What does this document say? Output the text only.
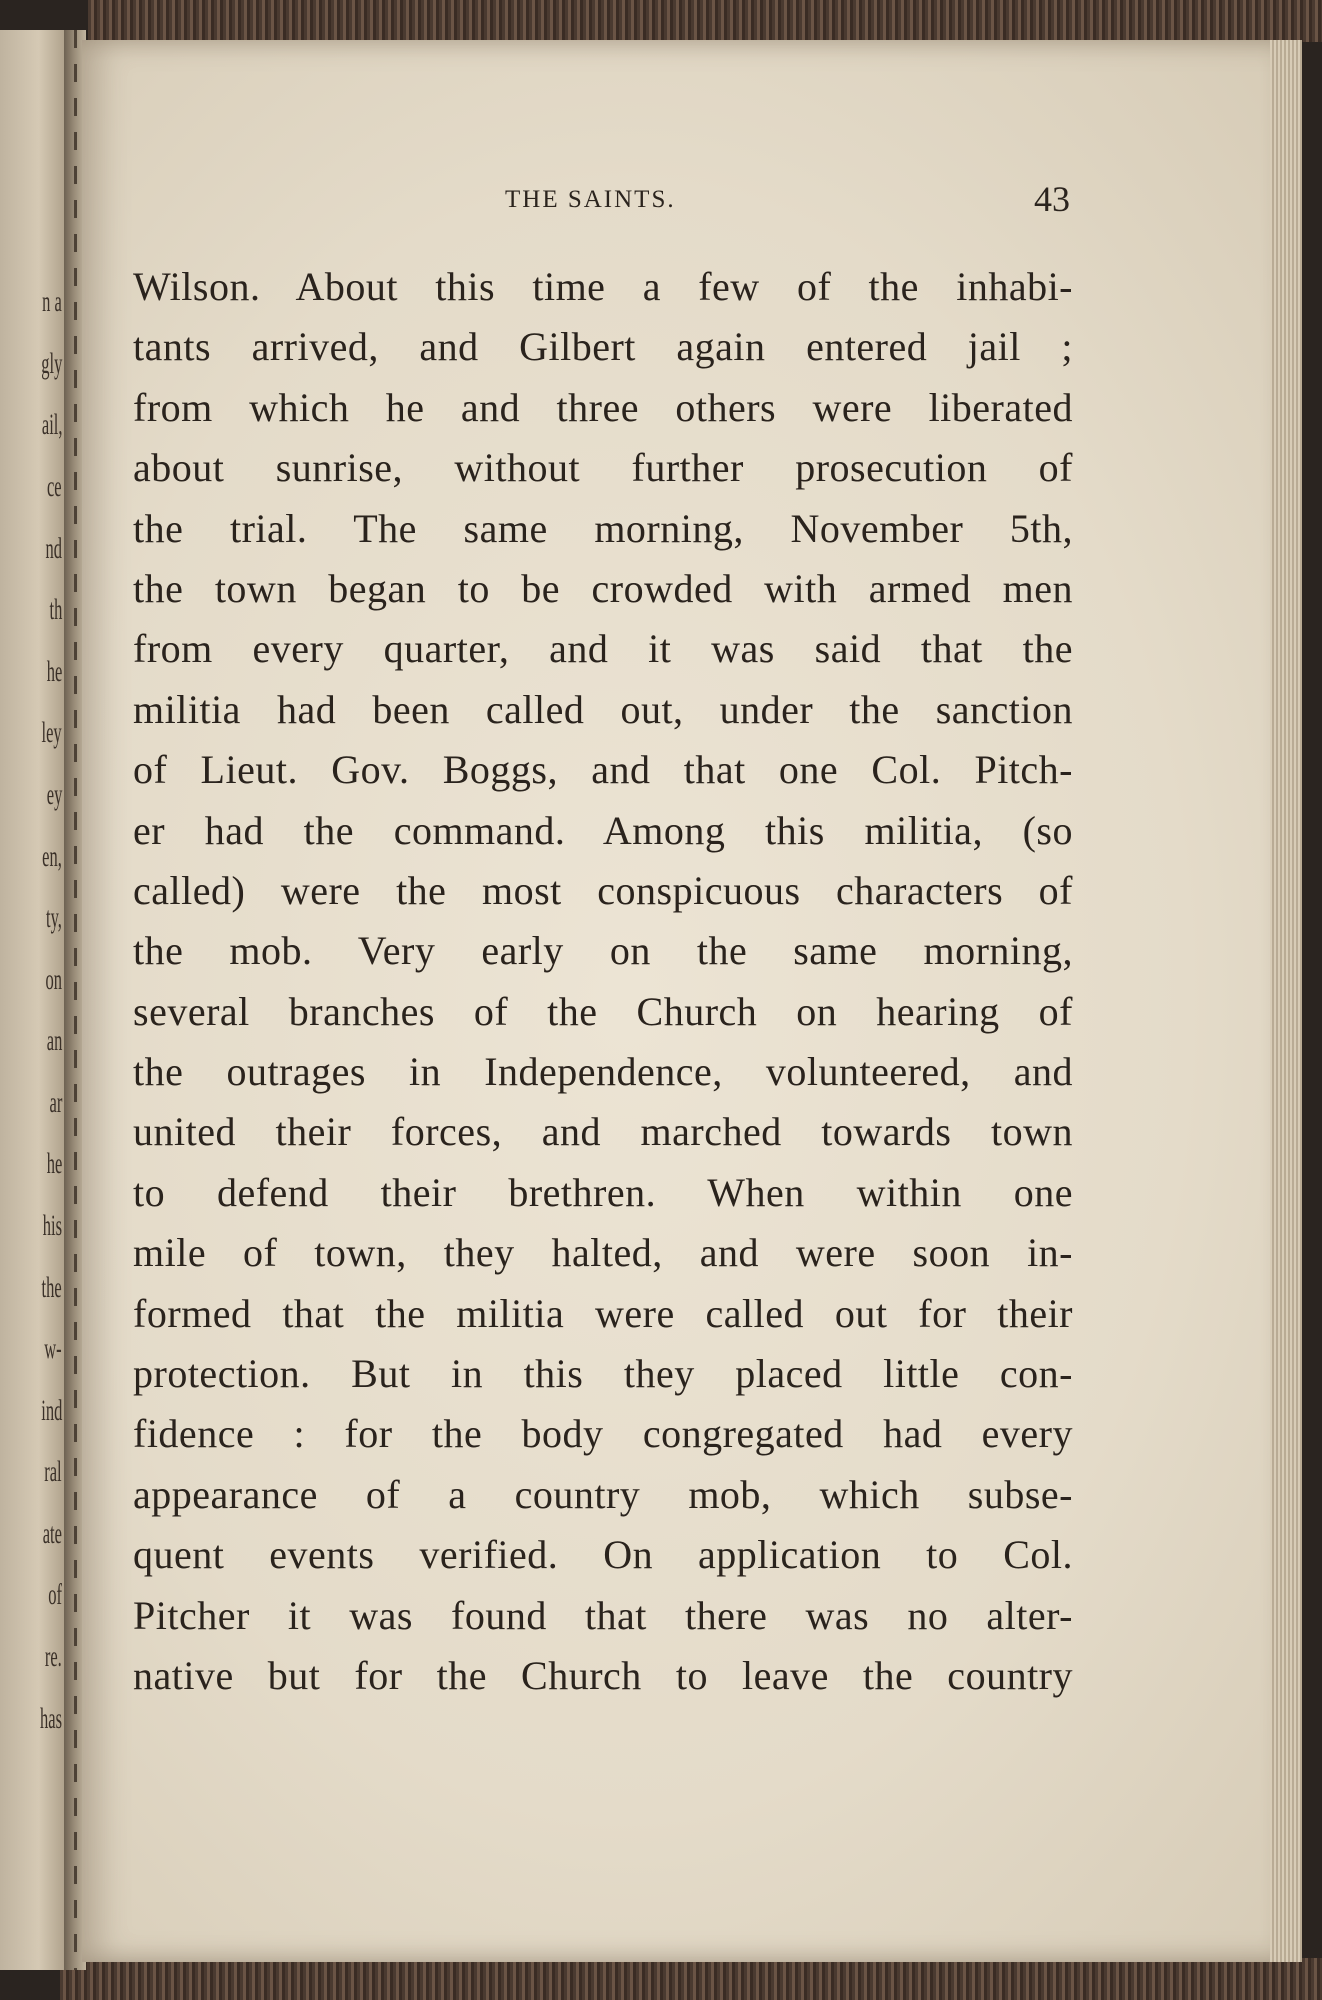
n a
gly
ail,
ce
nd
th
he
ley
ey
en,
ty,
on
an
ar
he
his
the
w-
ind
ral
ate
of
re.
has
THE SAINTS.	43
Wilson. About this time a few of the inhabi-
tants arrived, and Gilbert again entered jail ;
from which he and three others were liberated
about sunrise, without further prosecution of
the trial. The same morning, November 5th,
the town began to be crowded with armed men
from every quarter, and it was said that the
militia had been called out, under the sanction
of Lieut. Gov. Boggs, and that one Col. Pitch-
er had the command. Among this militia, (so
called) were the most conspicuous characters of
the mob. Very early on the same morning,
several branches of the Church on hearing of
the outrages in Independence, volunteered, and
united their forces, and marched towards town
to defend their brethren. When within one
mile of town, they halted, and were soon in-
formed that the militia were called out for their
protection. But in this they placed little con-
fidence : for the body congregated had every
appearance of a country mob, which subse-
quent events verified. On application to Col.
Pitcher it was found that there was no alter-
native but for the Church to leave the country
